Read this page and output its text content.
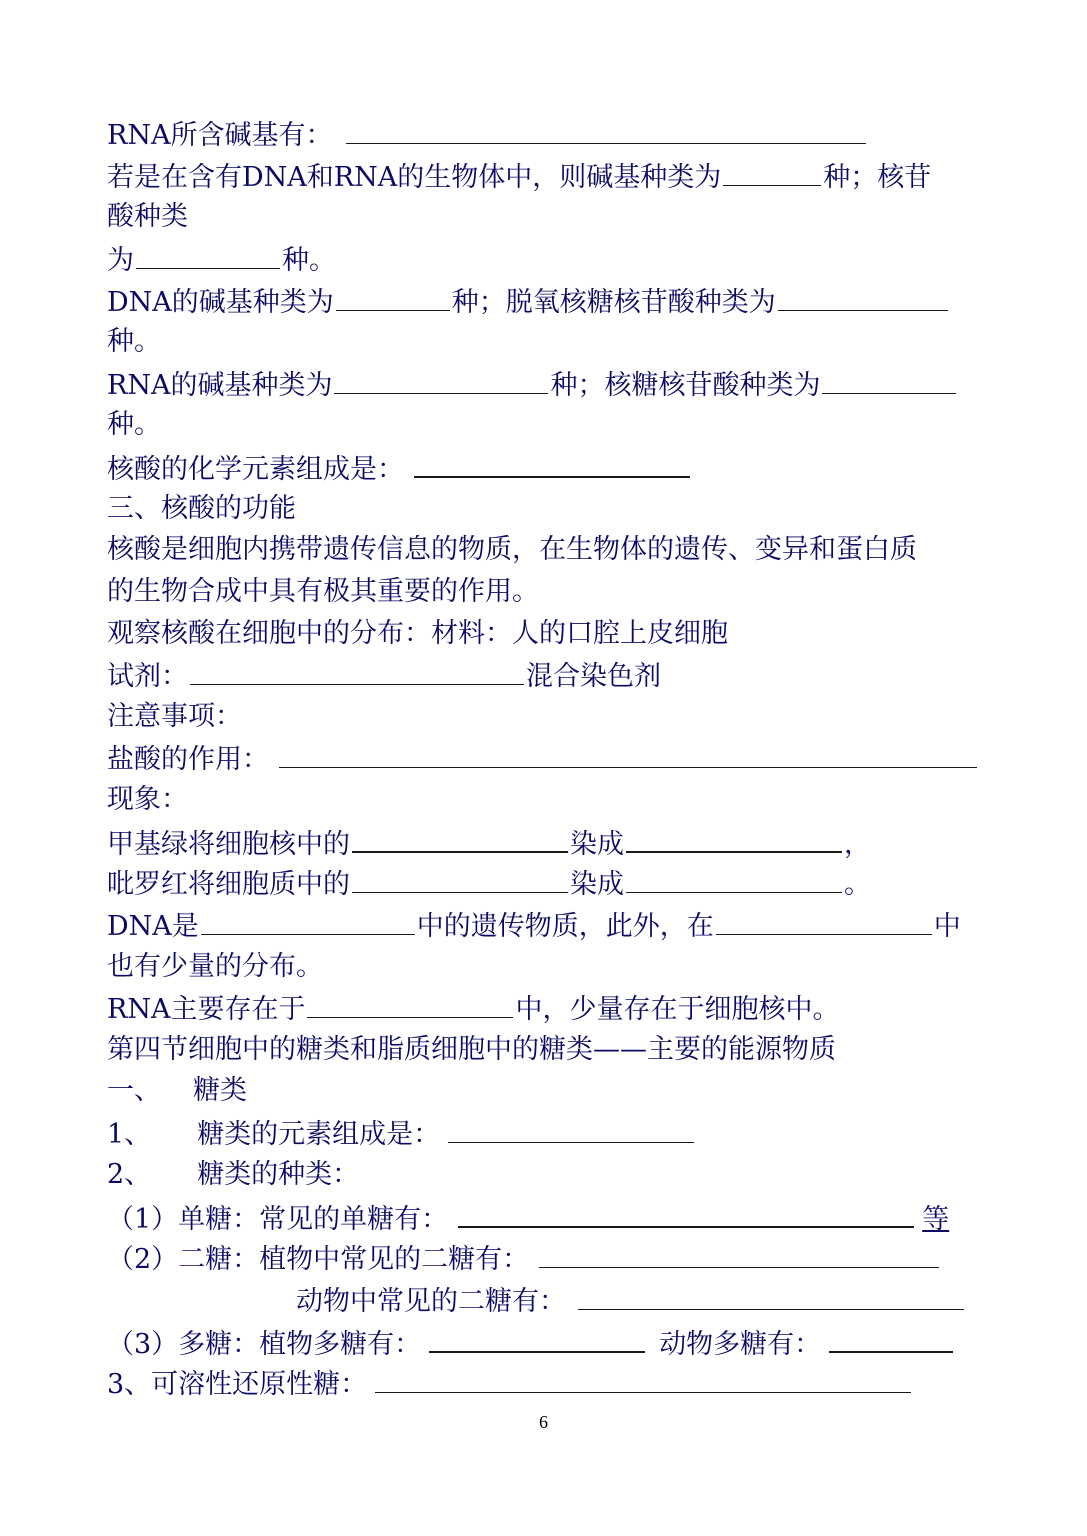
RNA所含碱基有：
若是在含有DNA和RNA的生物体中，则碱基种类为	种；核苷
酸种类
为	种。
DNA的碱基种类为	种；脱氧核糖核苷酸种类为
种。
RNA的碱基种类为	种；核糖核苷酸种类为
种。
核酸的化学元素组成是：
三、核酸的功能
核酸是细胞内携带遗传信息的物质，在生物体的遗传、变异和蛋白质
的生物合成中具有极其重要的作用。
观察核酸在细胞中的分布：材料：人的口腔上皮细胞
试剂：	混合染色剂
注意事项：
盐酸的作用：
现象：
甲基绿将细胞核中的	染成	，
吡罗红将细胞质中的	染成	。
DNA是	中的遗传物质，此外，在	中
也有少量的分布。
RNA主要存在于	中，少量存在于细胞核中。
第四节细胞中的糖类和脂质细胞中的糖类——主要的能源物质
一、 糖类
1、 糖类的元素组成是：
2、 糖类的种类：
（1）单糖：常见的单糖有：	等
（2）二糖：植物中常见的二糖有：
动物中常见的二糖有：
（3）多糖：植物多糖有：	动物多糖有：
3、可溶性还原性糖：
6
